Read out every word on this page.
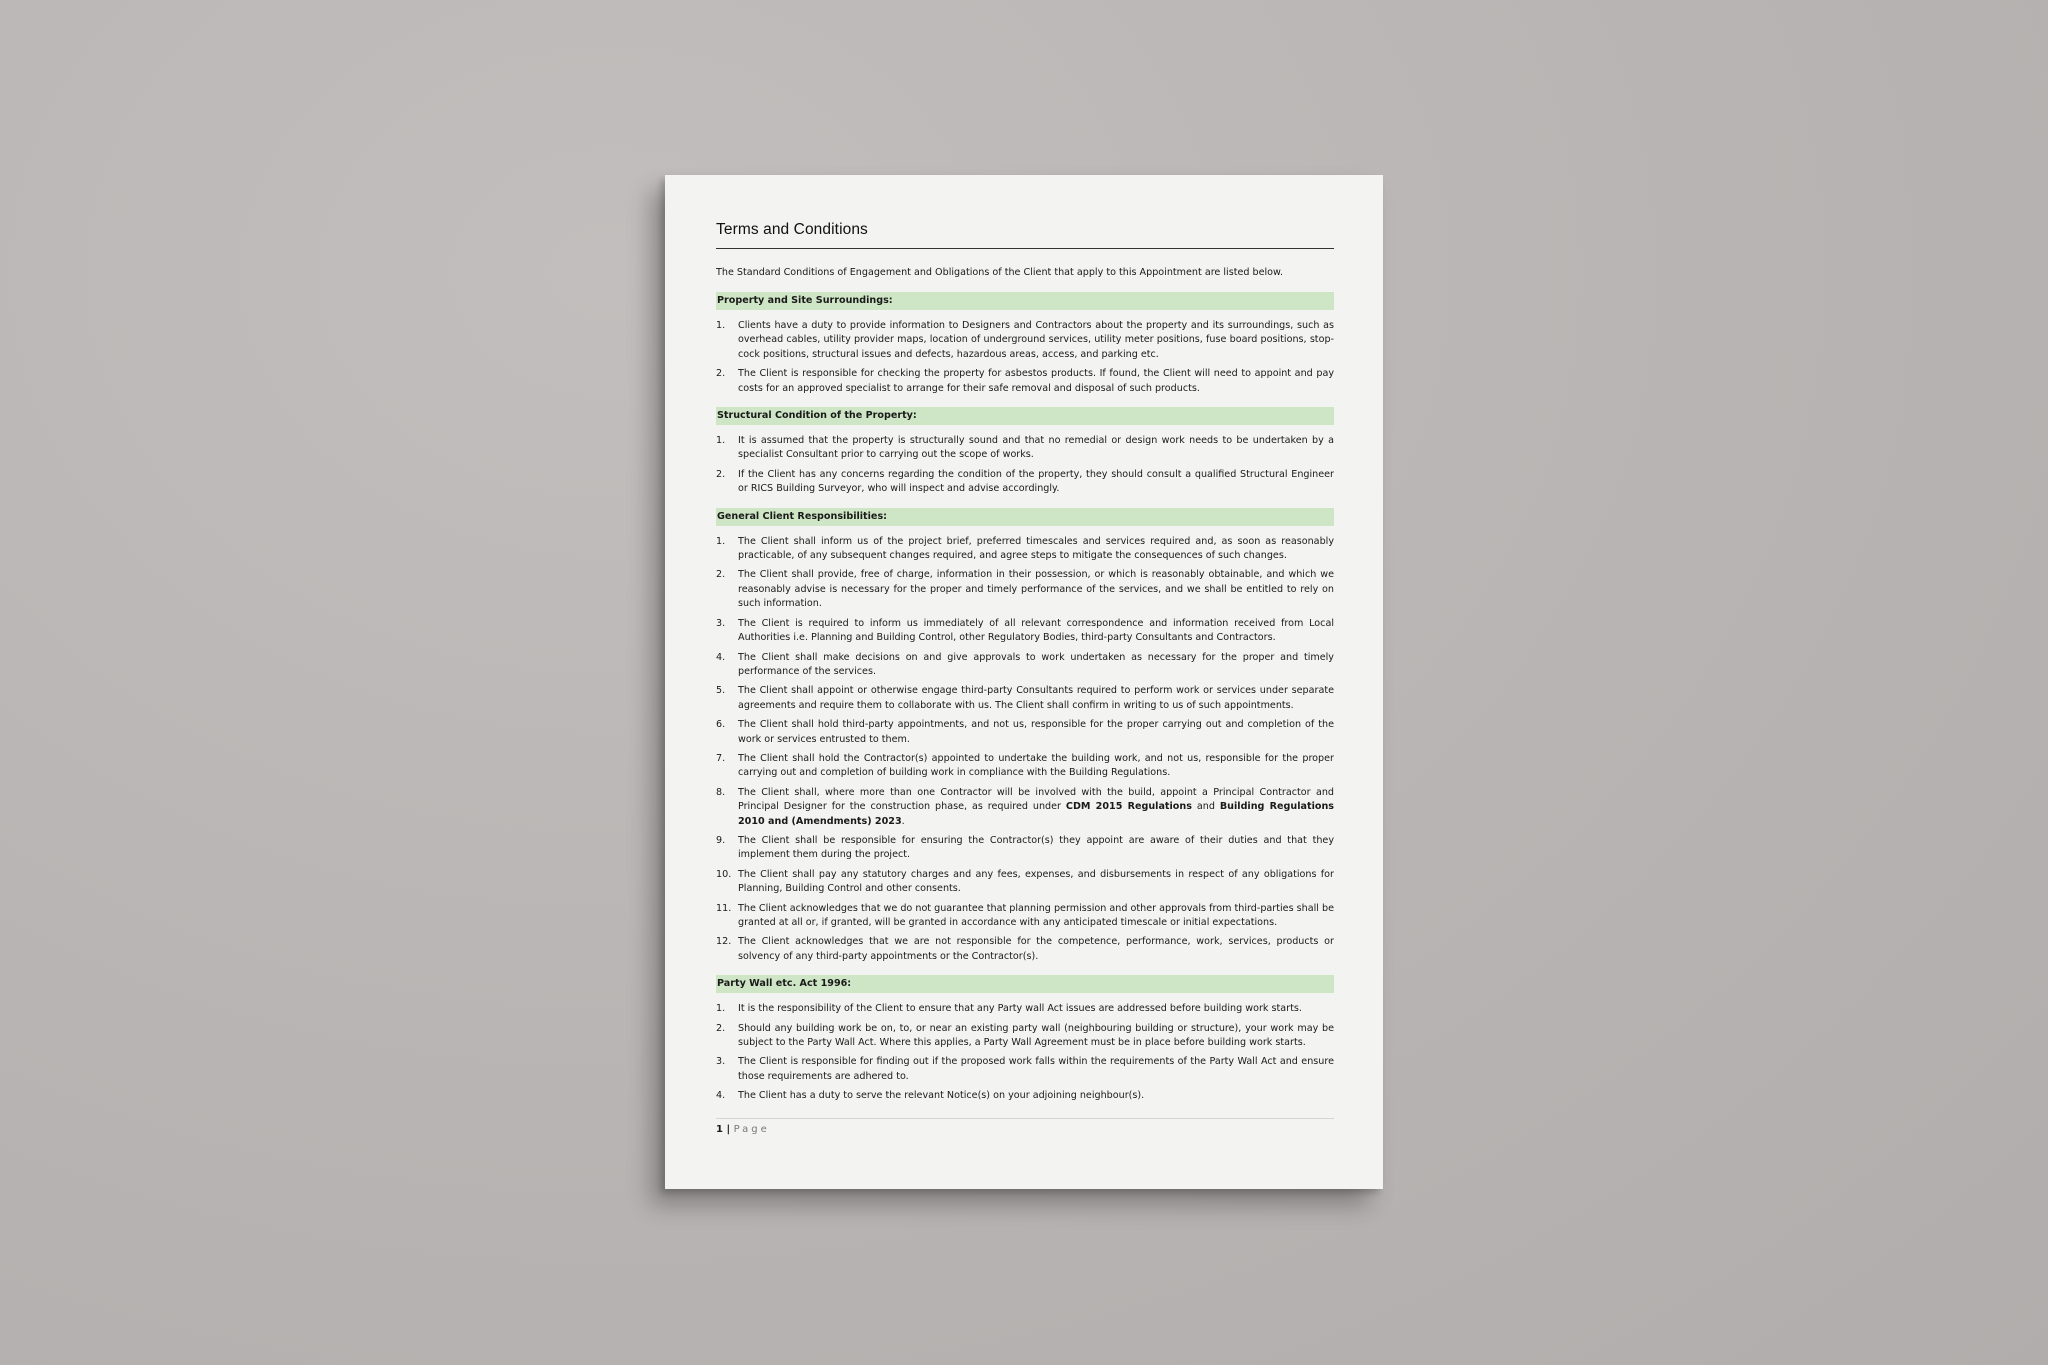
Terms and Conditions

The Standard Conditions of Engagement and Obligations of the Client that apply to this Appointment are listed below.

Property and Site Surroundings:
1.	Clients have a duty to provide information to Designers and Contractors about the property and its surroundings, such as overhead cables, utility provider maps, location of underground services, utility meter positions, fuse board positions, stop-cock positions, structural issues and defects, hazardous areas, access, and parking etc.
2.	The Client is responsible for checking the property for asbestos products. If found, the Client will need to appoint and pay costs for an approved specialist to arrange for their safe removal and disposal of such products.
Structural Condition of the Property:
1.	It is assumed that the property is structurally sound and that no remedial or design work needs to be undertaken by a specialist Consultant prior to carrying out the scope of works.
2.	If the Client has any concerns regarding the condition of the property, they should consult a qualified Structural Engineer or RICS Building Surveyor, who will inspect and advise accordingly.
General Client Responsibilities:
1.	The Client shall inform us of the project brief, preferred timescales and services required and, as soon as reasonably practicable, of any subsequent changes required, and agree steps to mitigate the consequences of such changes.
2.	The Client shall provide, free of charge, information in their possession, or which is reasonably obtainable, and which we reasonably advise is necessary for the proper and timely performance of the services, and we shall be entitled to rely on such information.
3.	The Client is required to inform us immediately of all relevant correspondence and information received from Local Authorities i.e. Planning and Building Control, other Regulatory Bodies, third-party Consultants and Contractors.
4.	The Client shall make decisions on and give approvals to work undertaken as necessary for the proper and timely performance of the services.
5.	The Client shall appoint or otherwise engage third-party Consultants required to perform work or services under separate agreements and require them to collaborate with us. The Client shall confirm in writing to us of such appointments.
6.	The Client shall hold third-party appointments, and not us, responsible for the proper carrying out and completion of the work or services entrusted to them.
7.	The Client shall hold the Contractor(s) appointed to undertake the building work, and not us, responsible for the proper carrying out and completion of building work in compliance with the Building Regulations.
8.	The Client shall, where more than one Contractor will be involved with the build, appoint a Principal Contractor and Principal Designer for the construction phase, as required under CDM 2015 Regulations and Building Regulations 2010 and (Amendments) 2023.
9.	The Client shall be responsible for ensuring the Contractor(s) they appoint are aware of their duties and that they implement them during the project.
10. The Client shall pay any statutory charges and any fees, expenses, and disbursements in respect of any obligations for Planning, Building Control and other consents.
11. The Client acknowledges that we do not guarantee that planning permission and other approvals from third-parties shall be granted at all or, if granted, will be granted in accordance with any anticipated timescale or initial expectations.
12. The Client acknowledges that we are not responsible for the competence, performance, work, services, products or solvency of any third-party appointments or the Contractor(s).
Party Wall etc. Act 1996:
1.	It is the responsibility of the Client to ensure that any Party wall Act issues are addressed before building work starts.
2.	Should any building work be on, to, or near an existing party wall (neighbouring building or structure), your work may be subject to the Party Wall Act. Where this applies, a Party Wall Agreement must be in place before building work starts.
3.	The Client is responsible for finding out if the proposed work falls within the requirements of the Party Wall Act and ensure those requirements are adhered to.
4.	The Client has a duty to serve the relevant Notice(s) on your adjoining neighbour(s).
1 | Page
